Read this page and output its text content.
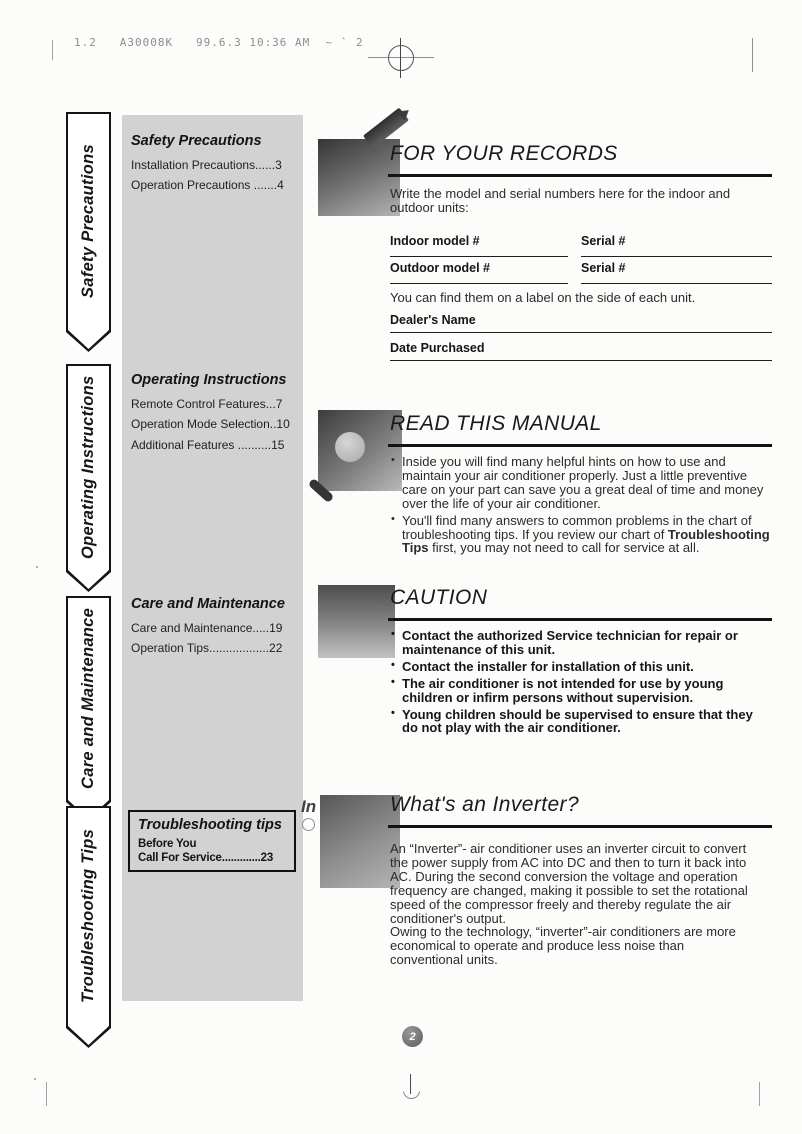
1.2   A30008K   99.6.3 10:36 AM  ~ ` 2
Safety Precautions
Operating Instructions
Care and Maintenance
Troubleshooting Tips
Safety Precautions

Installation Precautions......3

Operation Precautions .......4

Operating Instructions

Remote Control Features...7

Operation Mode Selection..10

Additional Features ..........15

Care and Maintenance

Care and Maintenance.....19

Operation Tips..................22

Troubleshooting tips

Before You

Call For Service.............23

In
FOR YOUR RECORDS

Write the model and serial numbers here for the indoor and outdoor units:

Indoor model #	Serial #
Outdoor model #	Serial #

You can find them on a label on the side of each unit.

Dealer's Name
Date Purchased
READ THIS MANUAL
• Inside you will find many helpful hints on how to use and maintain your air conditioner properly. Just a little preventive care on your part can save you a great deal of time and money over the life of your air conditioner.
• You'll find many answers to common problems in the chart of troubleshooting tips. If you review our chart of Troubleshooting Tips first, you may not need to call for service at all.
CAUTION
• Contact the authorized Service technician for repair or maintenance of this unit.
• Contact the installer for installation of this unit.
• The air conditioner is not intended for use by young children or infirm persons without supervision.
• Young children should be supervised to ensure that they do not play with the air conditioner.
What's an Inverter?

An “Inverter”- air conditioner uses an inverter circuit to convert the power supply from AC into DC and then to turn it back into AC. During the second conversion the voltage and operation frequency are changed, making it possible to set the rotational speed of the compressor freely and thereby regulate the air conditioner's output.

Owing to the technology, “inverter”-air conditioners are more economical to operate and produce less noise than conventional units.

2
